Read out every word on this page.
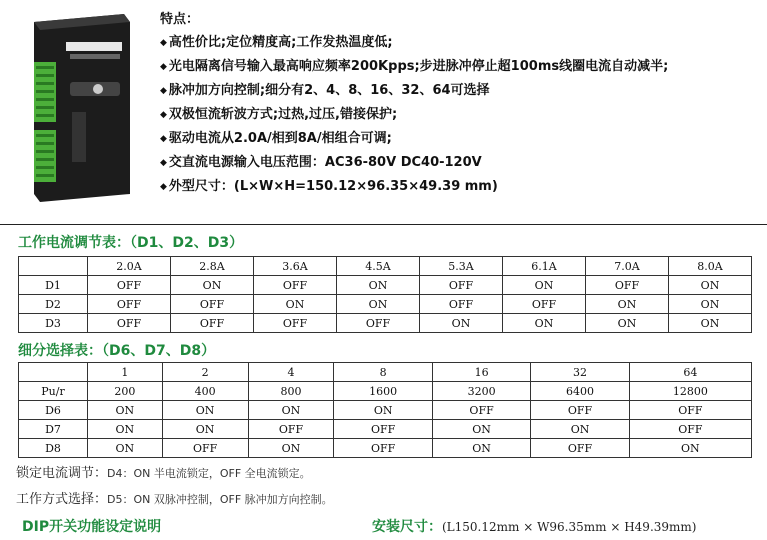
特点：
◆ 高性价比;定位精度高;工作发热温度低;
◆ 光电隔离信号输入最高响应频率200Kpps;步进脉冲停止超100ms线圈电流自动减半;
◆ 脉冲加方向控制;细分有2、4、8、16、32、64可选择
◆ 双极恒流斩波方式;过热,过压,错接保护;
◆ 驱动电流从2.0A/相到8A/相组合可调;
◆ 交直流电源输入电压范围：AC36-80V DC40-120V
◆ 外型尺寸：(L×W×H=150.12×96.35×49.39 mm)
工作电流调节表：（D1、D2、D3）
	2.0A	2.8A	3.6A	4.5A	5.3A	6.1A	7.0A	8.0A
D1	OFF	ON	OFF	ON	OFF	ON	OFF	ON
D2	OFF	OFF	ON	ON	OFF	OFF	ON	ON
D3	OFF	OFF	OFF	OFF	ON	ON	ON	ON
细分选择表：（D6、D7、D8）
	1	2	4	8	16	32	64
Pu/r	200	400	800	1600	3200	6400	12800
D6	ON	ON	ON	ON	OFF	OFF	OFF
D7	ON	ON	OFF	OFF	ON	ON	OFF
D8	ON	OFF	ON	OFF	ON	OFF	ON
锁定电流调节：D4：ON 半电流锁定，OFF 全电流锁定。
工作方式选择：D5：ON 双脉冲控制，OFF 脉冲加方向控制。
DIP开关功能设定说明	安装尺寸：(L150.12mm × W96.35mm × H49.39mm)
